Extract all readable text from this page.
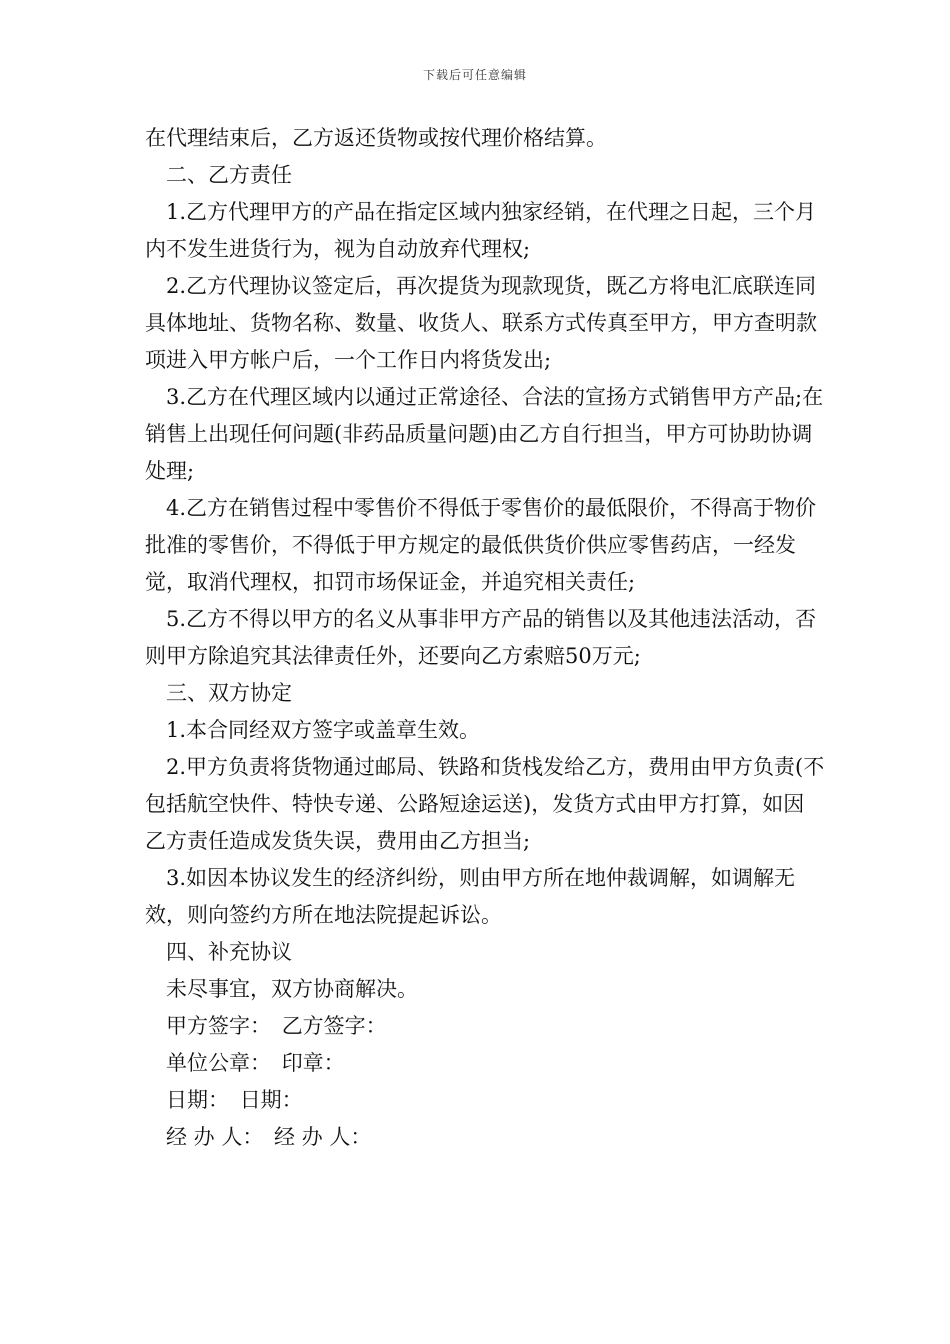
下载后可任意编辑

在代理结束后，乙方返还货物或按代理价格结算。

二、乙方责任

1.乙方代理甲方的产品在指定区域内独家经销，在代理之日起，三个月内不发生进货行为，视为自动放弃代理权;

2.乙方代理协议签定后，再次提货为现款现货，既乙方将电汇底联连同具体地址、货物名称、数量、收货人、联系方式传真至甲方，甲方查明款项进入甲方帐户后，一个工作日内将货发出;

3.乙方在代理区域内以通过正常途径、合法的宣扬方式销售甲方产品;在销售上出现任何问题(非药品质量问题)由乙方自行担当，甲方可协助协调处理;

4.乙方在销售过程中零售价不得低于零售价的最低限价，不得高于物价批准的零售价，不得低于甲方规定的最低供货价供应零售药店，一经发觉，取消代理权，扣罚市场保证金，并追究相关责任;

5.乙方不得以甲方的名义从事非甲方产品的销售以及其他违法活动，否则甲方除追究其法律责任外，还要向乙方索赔50万元;

三、双方协定

1.本合同经双方签字或盖章生效。

2.甲方负责将货物通过邮局、铁路和货栈发给乙方，费用由甲方负责(不包括航空快件、特快专递、公路短途运送)，发货方式由甲方打算，如因乙方责任造成发货失误，费用由乙方担当;

3.如因本协议发生的经济纠纷，则由甲方所在地仲裁调解，如调解无效，则向签约方所在地法院提起诉讼。

四、补充协议

未尽事宜，双方协商解决。

甲方签字： 乙方签字：

单位公章： 印章：

日期： 日期：

经 办 人： 经 办 人：
